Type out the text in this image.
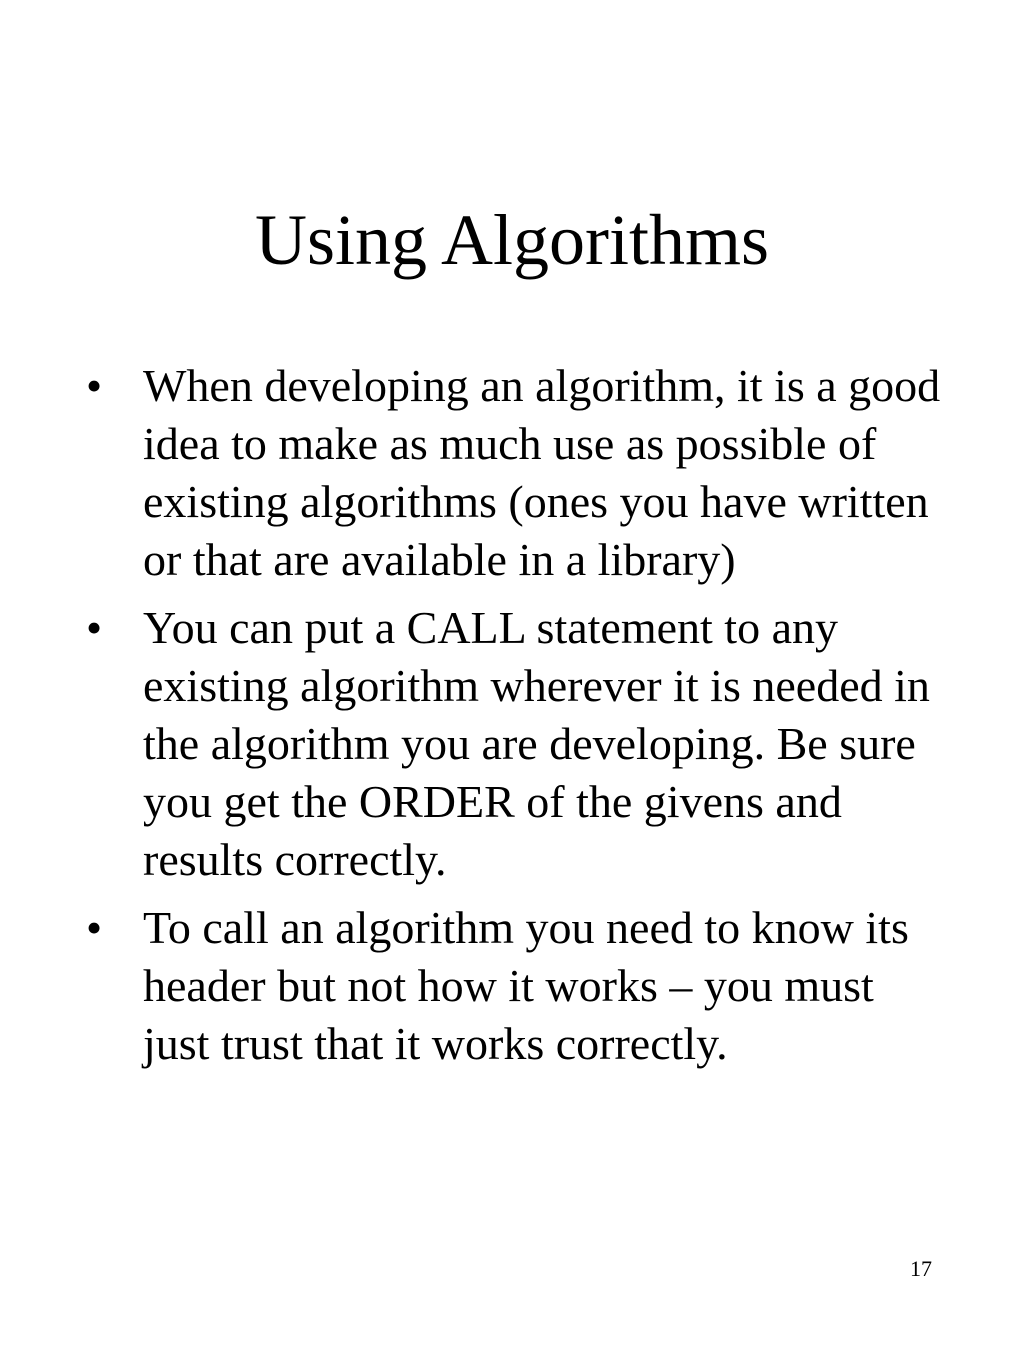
Using Algorithms
• When developing an algorithm, it is a good idea to make as much use as possible of existing algorithms (ones you have written or that are available in a library)
• You can put a CALL statement to any existing algorithm wherever it is needed in the algorithm you are developing. Be sure you get the ORDER of the givens and results correctly.
• To call an algorithm you need to know its header but not how it works – you must just trust that it works correctly.
17
